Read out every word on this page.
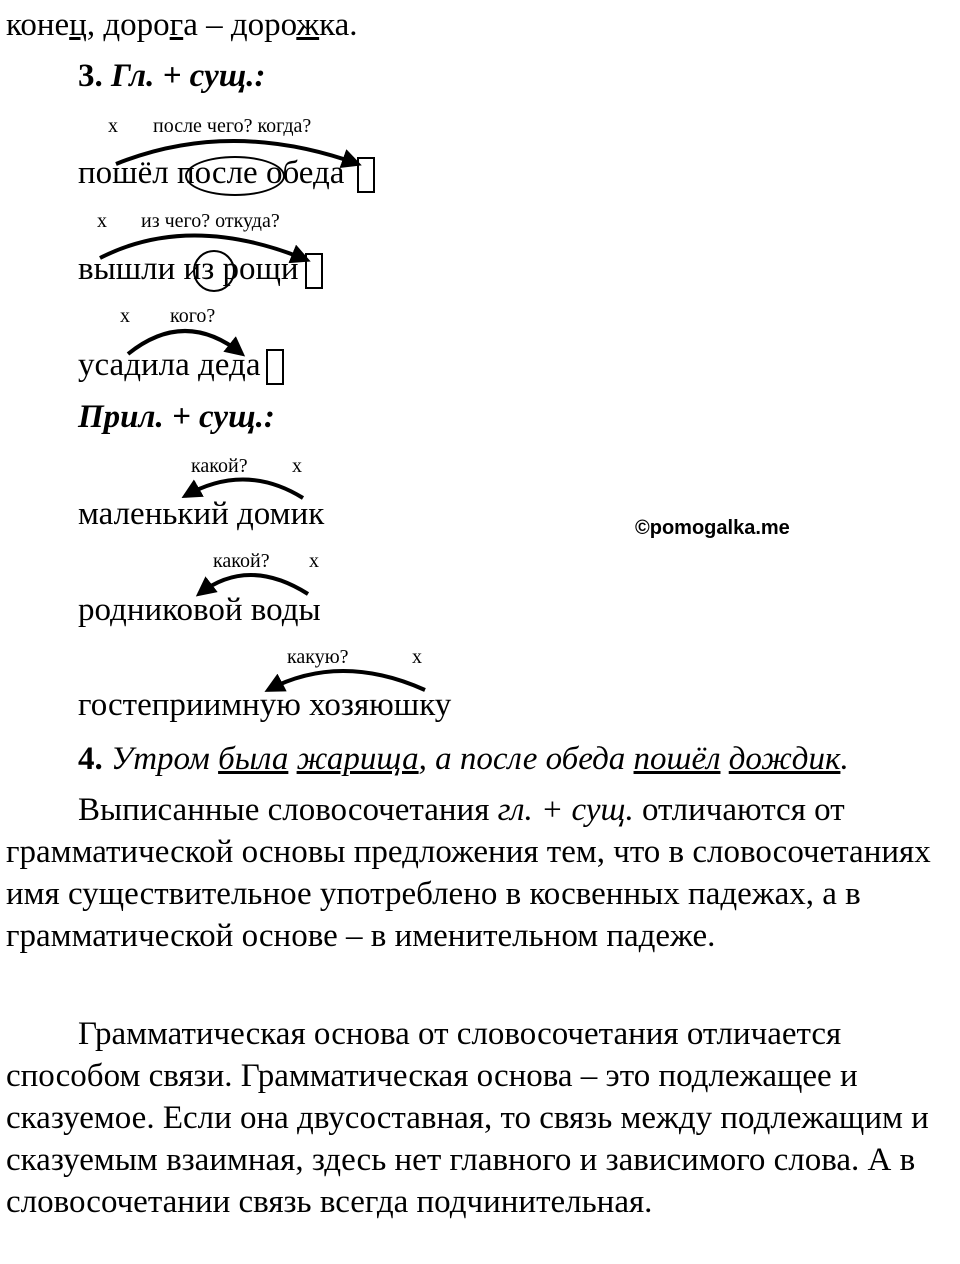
конец, дорога – дорожка.
3. Гл. + сущ.:
х после чего? когда?
пошёл после обеда
х из чего? откуда?
вышли из рощи
х кого?
усадила деда
Прил. + сущ.:
какой? х
маленький домик
какой? х
родниковой воды
какую?	х
гостеприимную хозяюшку
©pomogalka.me
4. Утром была жарища, а после обеда пошёл дождик.

Выписанные словосочетания гл. + сущ. отличаются от грамматической основы предложения тем, что в словосочетаниях имя существительное употреблено в косвенных падежах, а в грамматической основе – в именительном падеже.

Грамматическая основа от словосочетания отличается способом связи. Грамматическая основа – это подлежащее и сказуемое. Если она двусоставная, то связь между подлежащим и сказуемым взаимная, здесь нет главного и зависимого слова. А в словосочетании связь всегда подчинительная.
